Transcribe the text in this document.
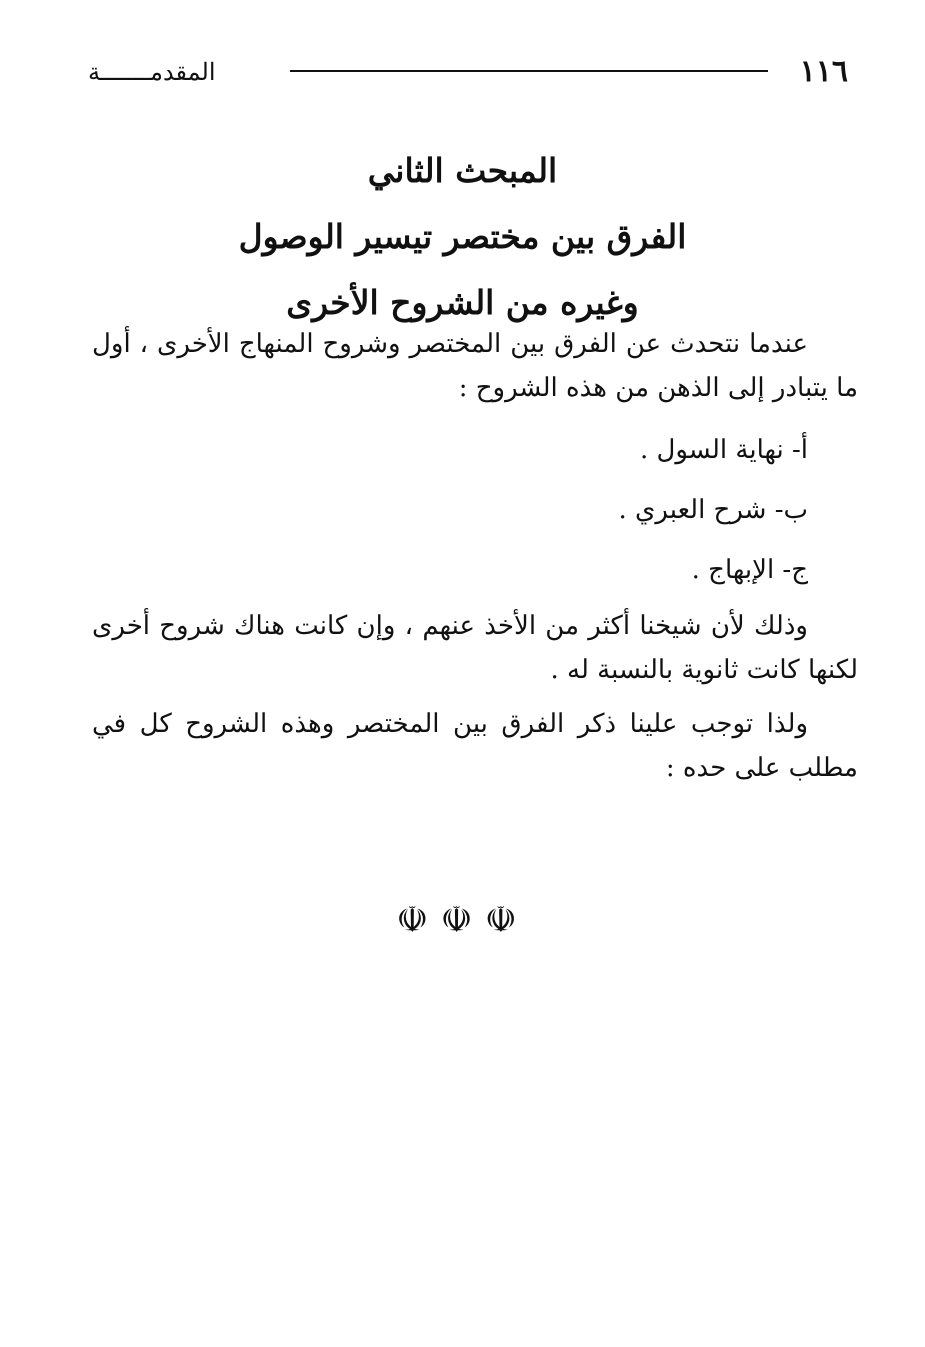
١١٦
المقدمـــــــة

المبحث الثاني

الفرق بين مختصر تيسير الوصول

وغيره من الشروح الأخرى

عندما نتحدث عن الفرق بين المختصر وشروح المنهاج الأخرى ، أول ما يتبادر إلى الذهن من هذه الشروح :

أ- نهاية السول .
ب- شرح العبري .
ج- الإبهاج .

وذلك لأن شيخنا أكثر من الأخذ عنهم ، وإن كانت هناك شروح أخرى لكنها كانت ثانوية بالنسبة له .

ولذا توجب علينا ذكر الفرق بين المختصر وهذه الشروح كل في مطلب على حده :

☫☫☫
